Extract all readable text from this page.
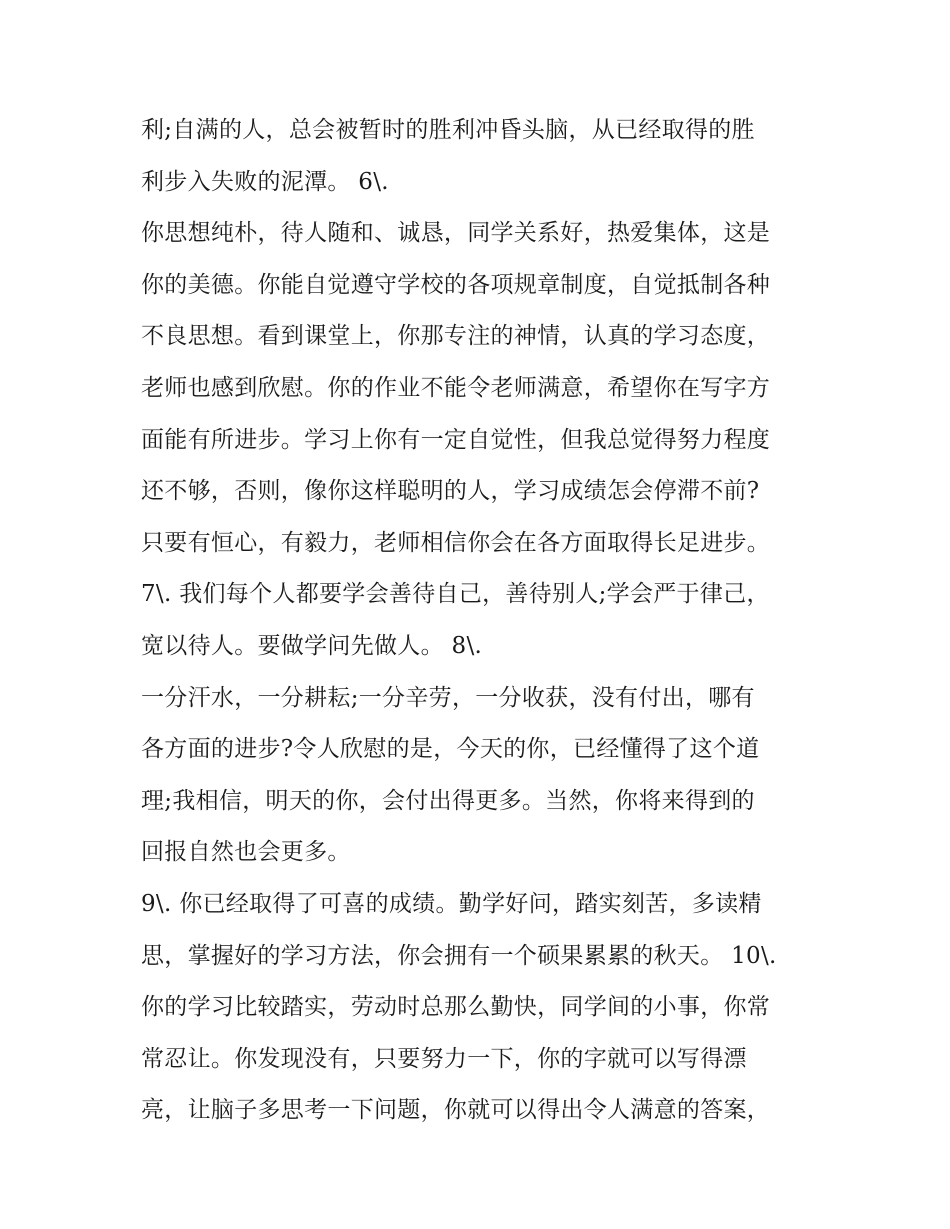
利;自满的人，总会被暂时的胜利冲昏头脑，从已经取得的胜
利步入失败的泥潭。 6\.
你思想纯朴，待人随和、诚恳，同学关系好，热爱集体，这是
你的美德。你能自觉遵守学校的各项规章制度，自觉抵制各种
不良思想。看到课堂上，你那专注的神情，认真的学习态度，
老师也感到欣慰。你的作业不能令老师满意，希望你在写字方
面能有所进步。学习上你有一定自觉性，但我总觉得努力程度
还不够，否则，像你这样聪明的人，学习成绩怎会停滞不前?
只要有恒心，有毅力，老师相信你会在各方面取得长足进步。
7\. 我们每个人都要学会善待自己，善待别人;学会严于律己，
宽以待人。要做学问先做人。 8\.
一分汗水，一分耕耘;一分辛劳，一分收获，没有付出，哪有
各方面的进步?令人欣慰的是，今天的你，已经懂得了这个道
理;我相信，明天的你，会付出得更多。当然，你将来得到的
回报自然也会更多。
9\. 你已经取得了可喜的成绩。勤学好问，踏实刻苦，多读精
思，掌握好的学习方法，你会拥有一个硕果累累的秋天。 10\.
你的学习比较踏实，劳动时总那么勤快，同学间的小事，你常
常忍让。你发现没有，只要努力一下，你的字就可以写得漂
亮，让脑子多思考一下问题，你就可以得出令人满意的答案，
